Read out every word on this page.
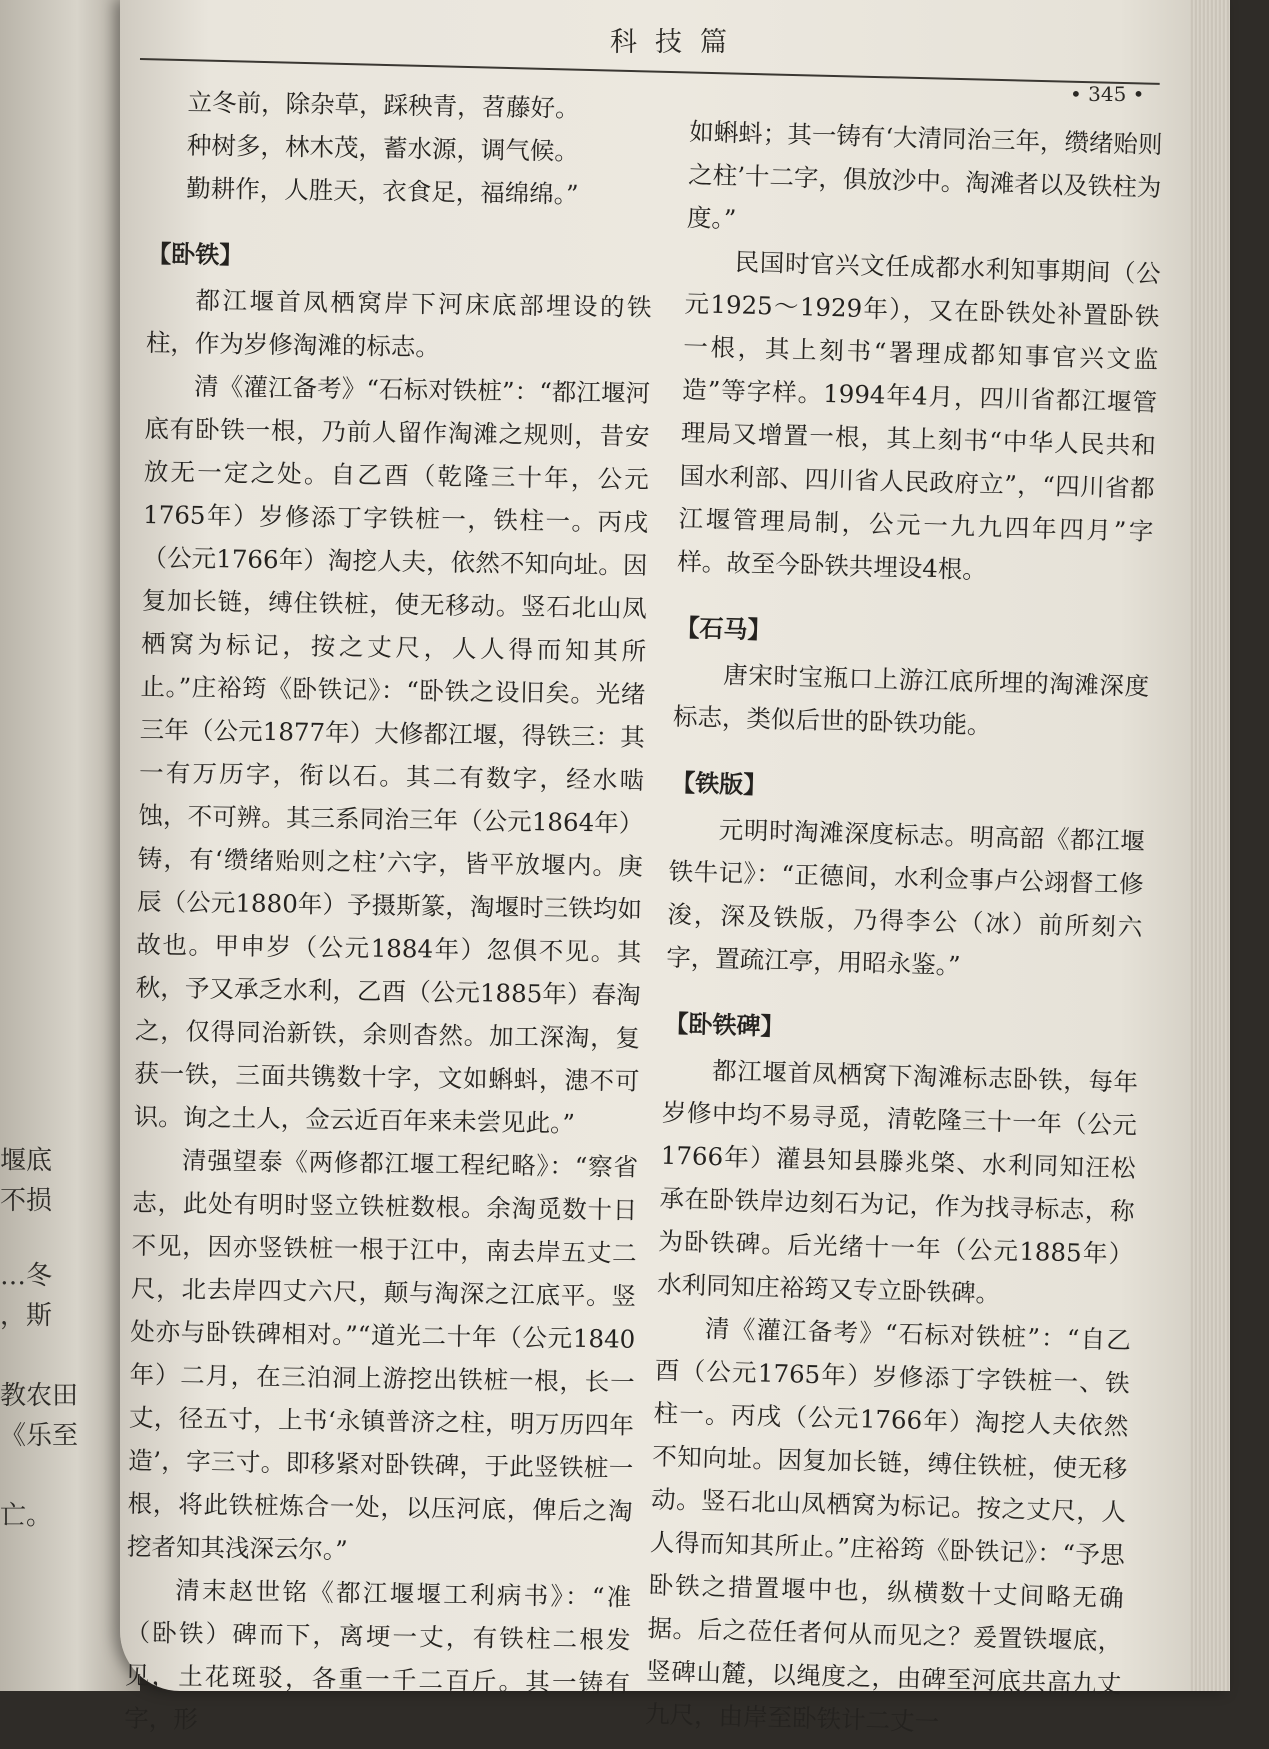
堰底
不损
…冬
，斯
教农田
《乐至
亡。
科技篇
• 345 •

立冬前，除杂草，踩秧青，苕藤好。

种树多，林木茂，蓄水源，调气候。

勤耕作，人胜天，衣食足，福绵绵。”

【卧铁】

都江堰首凤栖窝岸下河床底部埋设的铁柱，作为岁修淘滩的标志。

清《灌江备考》“石标对铁桩”：“都江堰河底有卧铁一根，乃前人留作淘滩之规则，昔安放无一定之处。自乙酉（乾隆三十年，公元1765年）岁修添丁字铁桩一，铁柱一。丙戌（公元1766年）淘挖人夫，依然不知向址。因复加长链，缚住铁桩，使无移动。竖石北山凤栖窝为标记，按之丈尺，人人得而知其所止。”庄裕筠《卧铁记》：“卧铁之设旧矣。光绪三年（公元1877年）大修都江堰，得铁三：其一有万历字，衔以石。其二有数字，经水啮蚀，不可辨。其三系同治三年（公元1864年）铸，有‘缵绪贻则之柱’六字，皆平放堰内。庚辰（公元1880年）予摄斯篆，淘堰时三铁均如故也。甲申岁（公元1884年）忽俱不见。其秋，予又承乏水利，乙酉（公元1885年）春淘之，仅得同治新铁，余则杳然。加工深淘，复获一铁，三面共镌数十字，文如蝌蚪，漶不可识。询之土人，佥云近百年来未尝见此。”

清强望泰《两修都江堰工程纪略》：“察省志，此处有明时竖立铁桩数根。余淘觅数十日不见，因亦竖铁桩一根于江中，南去岸五丈二尺，北去岸四丈六尺，颠与淘深之江底平。竖处亦与卧铁碑相对。”“道光二十年（公元1840年）二月，在三泊洞上游挖出铁桩一根，长一丈，径五寸，上书‘永镇普济之柱，明万历四年造’，字三寸。即移紧对卧铁碑，于此竖铁桩一根，将此铁桩炼合一处，以压河底，俾后之淘挖者知其浅深云尔。”

清末赵世铭《都江堰堰工利病书》：“准（卧铁）碑而下，离埂一丈，有铁柱二根发见，土花斑驳，各重一千二百斤。其一铸有字，形

如蝌蚪；其一铸有‘大清同治三年，缵绪贻则之柱’十二字，俱放沙中。淘滩者以及铁柱为度。”

民国时官兴文任成都水利知事期间（公元1925～1929年），又在卧铁处补置卧铁一根，其上刻书“署理成都知事官兴文监造”等字样。1994年4月，四川省都江堰管理局又增置一根，其上刻书“中华人民共和国水利部、四川省人民政府立”，“四川省都江堰管理局制，公元一九九四年四月”字样。故至今卧铁共埋设4根。

【石马】

唐宋时宝瓶口上游江底所埋的淘滩深度标志，类似后世的卧铁功能。

【铁版】

元明时淘滩深度标志。明高韶《都江堰铁牛记》：“正德间，水利佥事卢公翊督工修浚，深及铁版，乃得李公（冰）前所刻六字，置疏江亭，用昭永鉴。”

【卧铁碑】

都江堰首凤栖窝下淘滩标志卧铁，每年岁修中均不易寻觅，清乾隆三十一年（公元1766年）灌县知县滕兆棨、水利同知汪松承在卧铁岸边刻石为记，作为找寻标志，称为卧铁碑。后光绪十一年（公元1885年）水利同知庄裕筠又专立卧铁碑。

清《灌江备考》“石标对铁桩”：“自乙酉（公元1765年）岁修添丁字铁桩一、铁柱一。丙戌（公元1766年）淘挖人夫依然不知向址。因复加长链，缚住铁桩，使无移动。竖石北山凤栖窝为标记。按之丈尺，人人得而知其所止。”庄裕筠《卧铁记》：“予思卧铁之措置堰中也，纵横数十丈间略无确据。后之莅任者何从而见之？爰置铁堰底，竖碑山麓，以绳度之，由碑至河底共高九丈九尺，由岸至卧铁计二丈一
